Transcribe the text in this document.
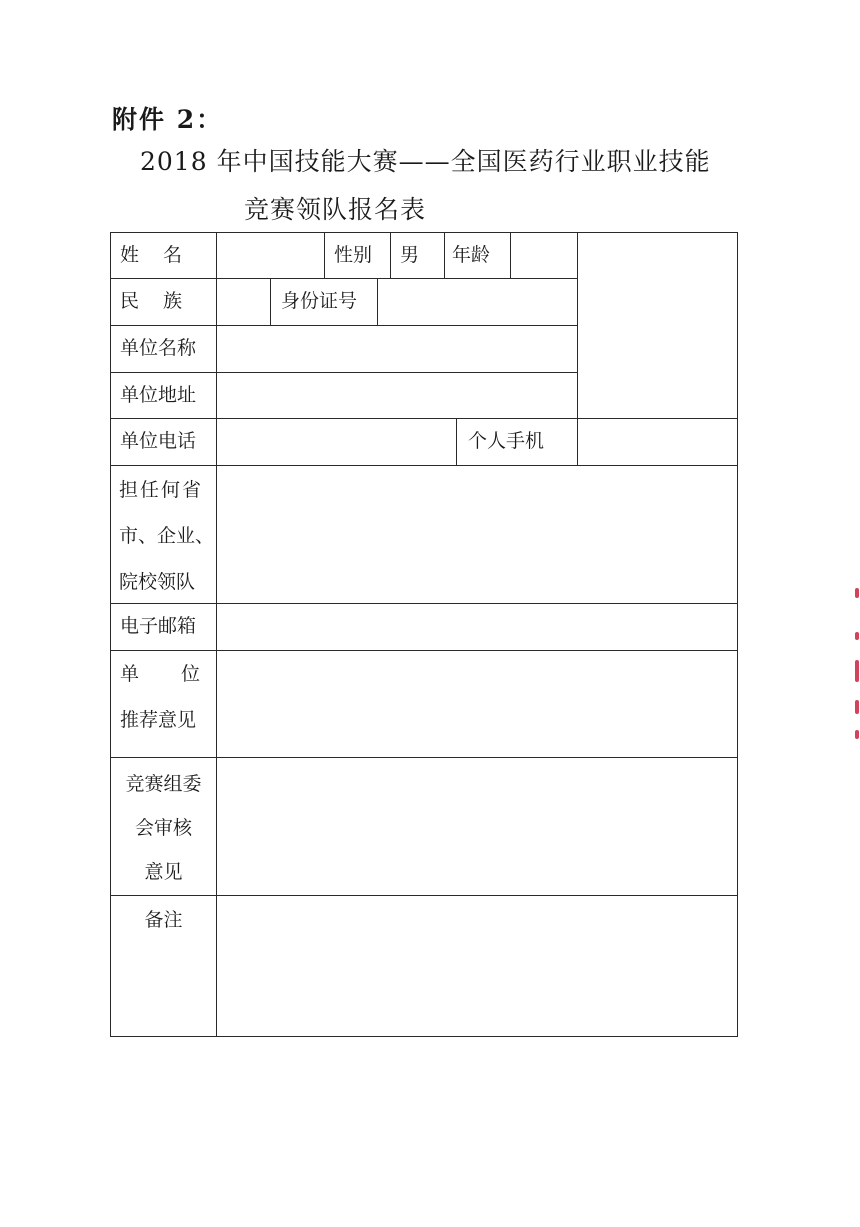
附件 2：
2018 年中国技能大赛——全国医药行业职业技能
竞赛领队报名表
姓 名	性别 男 年龄
民 族	身份证号
单位名称
单位地址
单位电话	个人手机
担任何省
市、企业、
院校领队
电子邮箱
单 位
推荐意见
竞赛组委
会审核
意见
备注
